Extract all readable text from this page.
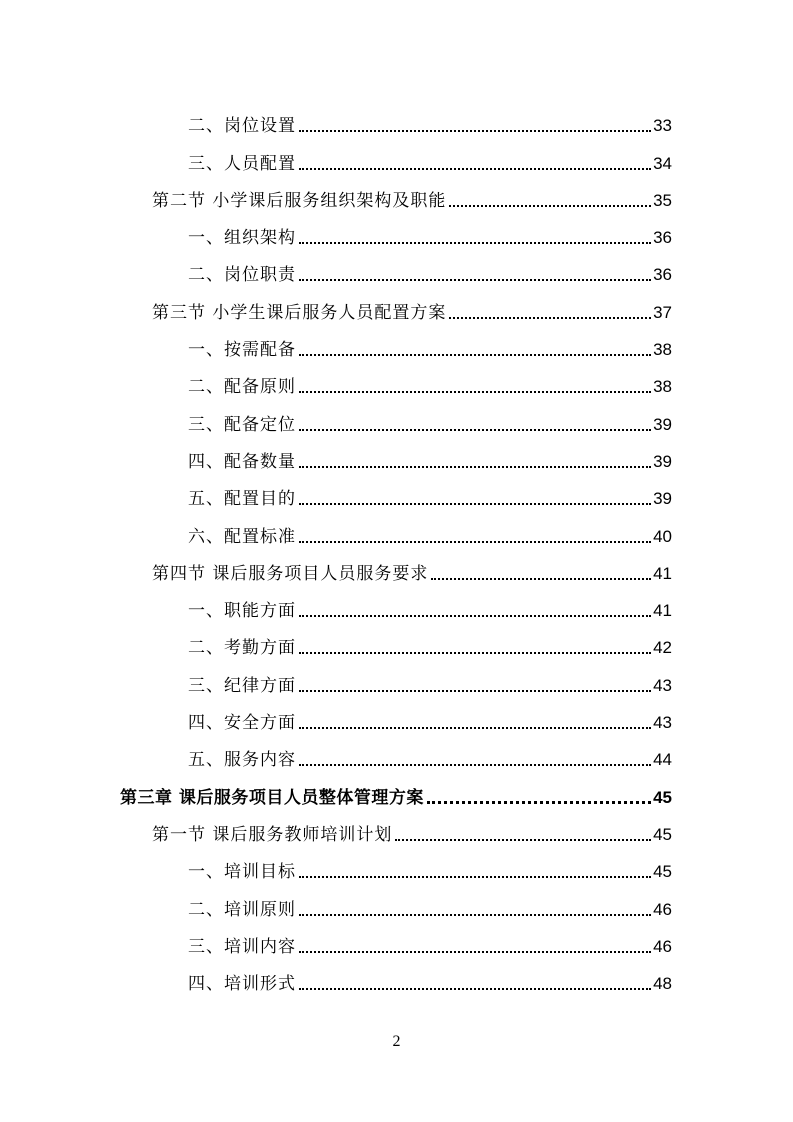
二、岗位设置	33
三、人员配置	34
第二节 小学课后服务组织架构及职能	35
一、组织架构	36
二、岗位职责	36
第三节 小学生课后服务人员配置方案	37
一、按需配备	38
二、配备原则	38
三、配备定位	39
四、配备数量	39
五、配置目的	39
六、配置标准	40
第四节 课后服务项目人员服务要求	41
一、职能方面	41
二、考勤方面	42
三、纪律方面	43
四、安全方面	43
五、服务内容	44
第三章 课后服务项目人员整体管理方案	45
第一节 课后服务教师培训计划	45
一、培训目标	45
二、培训原则	46
三、培训内容	46
四、培训形式	48
2
